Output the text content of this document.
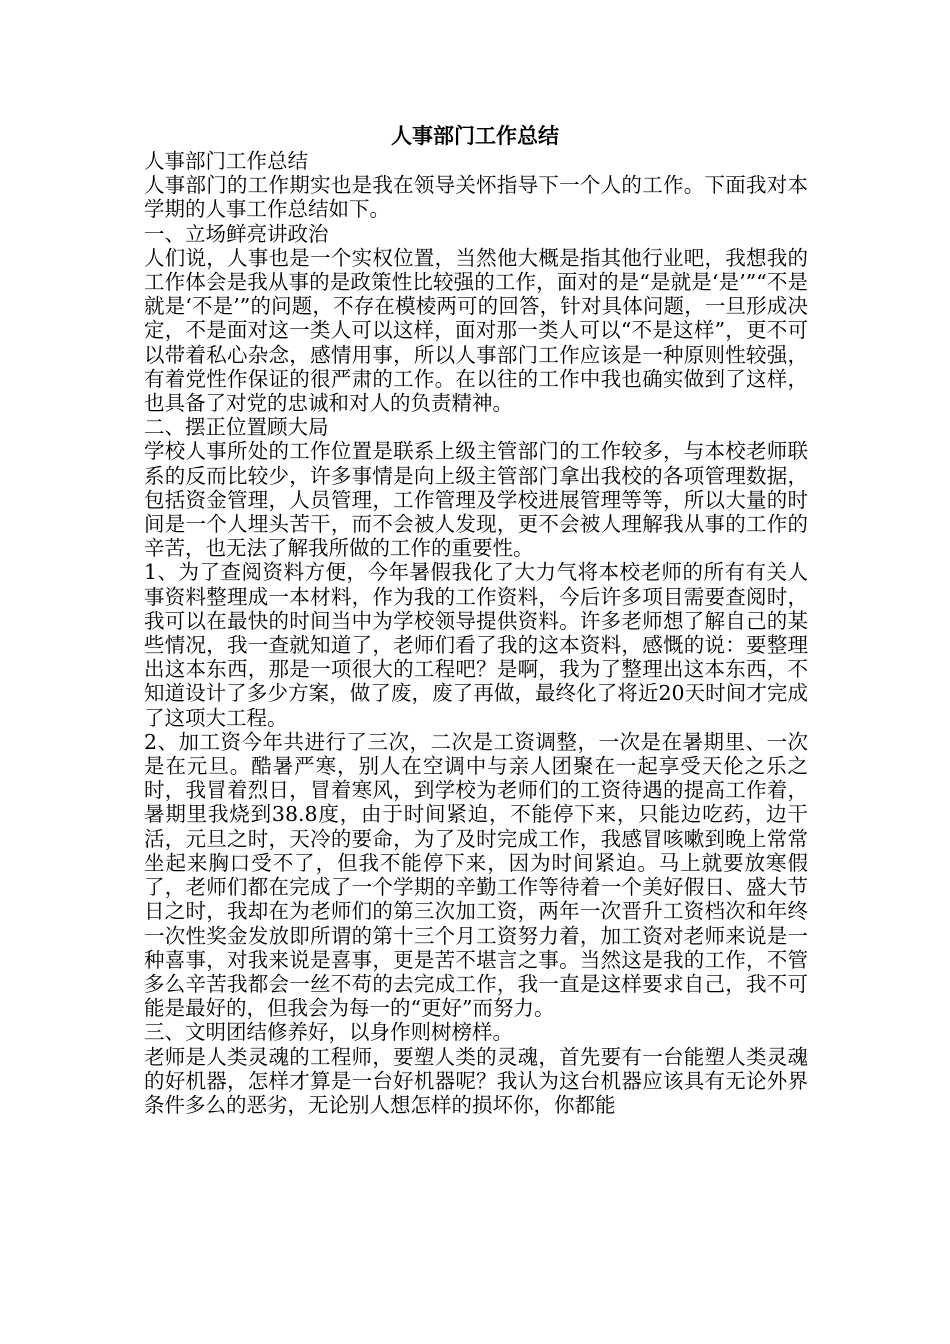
人事部门工作总结

人事部门工作总结

人事部门的工作期实也是我在领导关怀指导下一个人的工作。下面我对本学期的人事工作总结如下。

一、立场鲜亮讲政治

人们说，人事也是一个实权位置，当然他大概是指其他行业吧，我想我的工作体会是我从事的是政策性比较强的工作，面对的是“是就是‘是’”“不是就是‘不是’”的问题，不存在模棱两可的回答，针对具体问题，一旦形成决定，不是面对这一类人可以这样，面对那一类人可以“不是这样”，更不可以带着私心杂念，感情用事，所以人事部门工作应该是一种原则性较强，有着党性作保证的很严肃的工作。在以往的工作中我也确实做到了这样，也具备了对党的忠诚和对人的负责精神。

二、摆正位置顾大局

学校人事所处的工作位置是联系上级主管部门的工作较多，与本校老师联系的反而比较少，许多事情是向上级主管部门拿出我校的各项管理数据，包括资金管理，人员管理，工作管理及学校进展管理等等，所以大量的时间是一个人埋头苦干，而不会被人发现，更不会被人理解我从事的工作的辛苦，也无法了解我所做的工作的重要性。

1、为了查阅资料方便，今年暑假我化了大力气将本校老师的所有有关人事资料整理成一本材料，作为我的工作资料，今后许多项目需要查阅时，我可以在最快的时间当中为学校领导提供资料。许多老师想了解自己的某些情况，我一查就知道了，老师们看了我的这本资料，感慨的说：要整理出这本东西，那是一项很大的工程吧？是啊，我为了整理出这本东西，不知道设计了多少方案，做了废，废了再做，最终化了将近20天时间才完成了这项大工程。

2、加工资今年共进行了三次，二次是工资调整，一次是在暑期里、一次是在元旦。酷暑严寒，别人在空调中与亲人团聚在一起享受天伦之乐之时，我冒着烈日，冒着寒风，到学校为老师们的工资待遇的提高工作着，暑期里我烧到38.8度，由于时间紧迫，不能停下来，只能边吃药，边干活，元旦之时，天冷的要命，为了及时完成工作，我感冒咳嗽到晚上常常坐起来胸口受不了，但我不能停下来，因为时间紧迫。马上就要放寒假了，老师们都在完成了一个学期的辛勤工作等待着一个美好假日、盛大节日之时，我却在为老师们的第三次加工资，两年一次晋升工资档次和年终一次性奖金发放即所谓的第十三个月工资努力着，加工资对老师来说是一种喜事，对我来说是喜事，更是苦不堪言之事。当然这是我的工作，不管多么辛苦我都会一丝不苟的去完成工作，我一直是这样要求自己，我不可能是最好的，但我会为每一的“更好”而努力。

三、文明团结修养好，以身作则树榜样。

老师是人类灵魂的工程师，要塑人类的灵魂，首先要有一台能塑人类灵魂的好机器，怎样才算是一台好机器呢？我认为这台机器应该具有无论外界条件多么的恶劣，无论别人想怎样的损坏你，你都能
